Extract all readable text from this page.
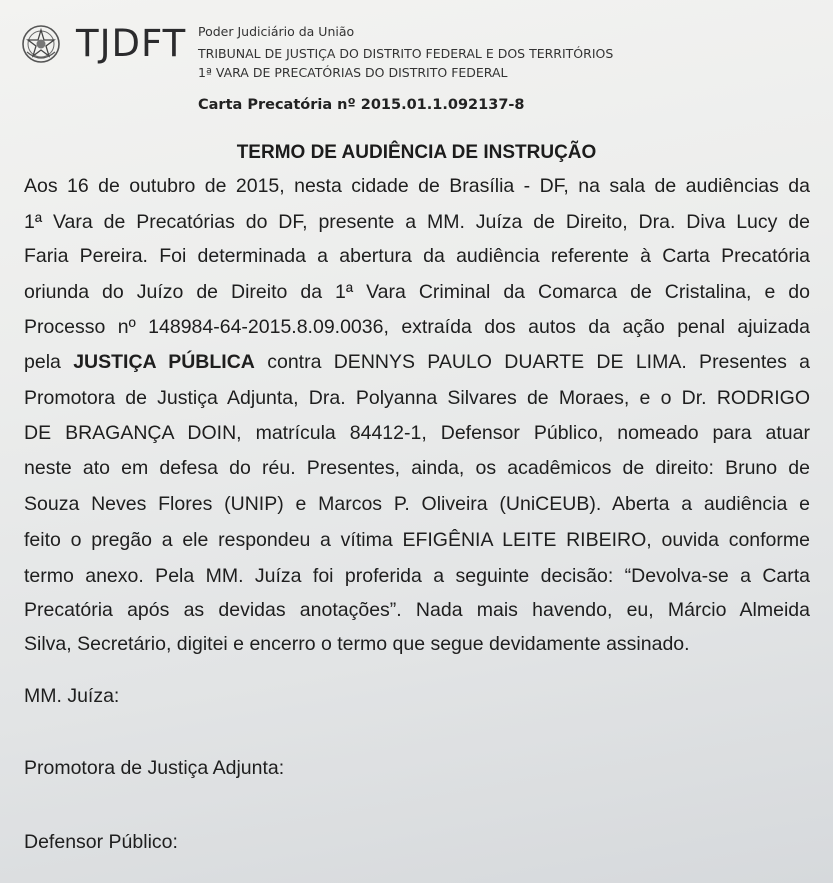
TJDFT Poder Judiciário da União
TRIBUNAL DE JUSTIÇA DO DISTRITO FEDERAL E DOS TERRITÓRIOS
1ª VARA DE PRECATÓRIAS DO DISTRITO FEDERAL
Carta Precatória nº 2015.01.1.092137-8
TERMO DE AUDIÊNCIA DE INSTRUÇÃO
Aos 16 de outubro de 2015, nesta cidade de Brasília - DF, na sala de audiências da
1ª Vara de Precatórias do DF, presente a MM. Juíza de Direito, Dra. Diva Lucy de
Faria Pereira. Foi determinada a abertura da audiência referente à Carta Precatória
oriunda do Juízo de Direito da 1ª Vara Criminal da Comarca de Cristalina, e do
Processo nº 148984-64-2015.8.09.0036, extraída dos autos da ação penal ajuizada
pela JUSTIÇA PÚBLICA contra DENNYS PAULO DUARTE DE LIMA. Presentes a
Promotora de Justiça Adjunta, Dra. Polyanna Silvares de Moraes, e o Dr. RODRIGO
DE BRAGANÇA DOIN, matrícula 84412-1, Defensor Público, nomeado para atuar
neste ato em defesa do réu. Presentes, ainda, os acadêmicos de direito: Bruno de
Souza Neves Flores (UNIP) e Marcos P. Oliveira (UniCEUB). Aberta a audiência e
feito o pregão a ele respondeu a vítima EFIGÊNIA LEITE RIBEIRO, ouvida conforme
termo anexo. Pela MM. Juíza foi proferida a seguinte decisão: “Devolva-se a Carta
Precatória após as devidas anotações”. Nada mais havendo, eu, Márcio Almeida
Silva, Secretário, digitei e encerro o termo que segue devidamente assinado.
MM. Juíza:
Promotora de Justiça Adjunta:
Defensor Público:
